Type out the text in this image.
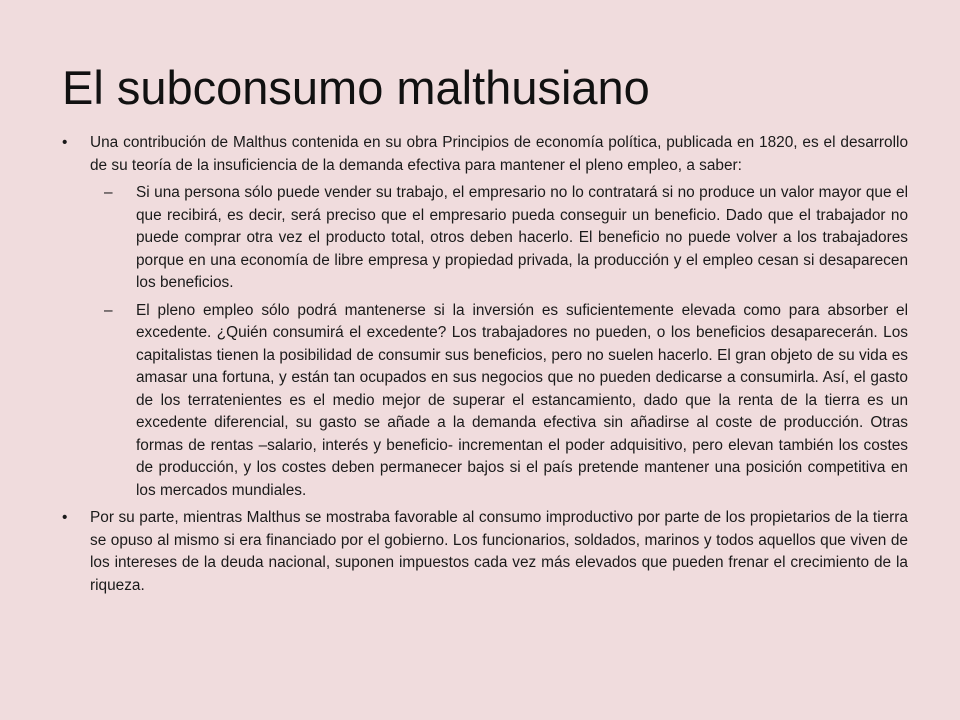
El subconsumo malthusiano
•	Una contribución de Malthus contenida en su obra Principios de economía política, publicada en 1820, es el desarrollo de su teoría de la insuficiencia de la demanda efectiva para mantener el pleno empleo, a saber:
–	Si una persona sólo puede vender su trabajo, el empresario no lo contratará si no produce un valor mayor que el que recibirá, es decir, será preciso que el empresario pueda conseguir un beneficio. Dado que el trabajador no puede comprar otra vez el producto total, otros deben hacerlo. El beneficio no puede volver a los trabajadores porque en una economía de libre empresa y propiedad privada, la producción y el empleo cesan si desaparecen los beneficios.
–	El pleno empleo sólo podrá mantenerse si la inversión es suficientemente elevada como para absorber el excedente. ¿Quién consumirá el excedente? Los trabajadores no pueden, o los beneficios desaparecerán. Los capitalistas tienen la posibilidad de consumir sus beneficios, pero no suelen hacerlo. El gran objeto de su vida es amasar una fortuna, y están tan ocupados en sus negocios que no pueden dedicarse a consumirla. Así, el gasto de los terratenientes es el medio mejor de superar el estancamiento, dado que la renta de la tierra es un excedente diferencial, su gasto se añade a la demanda efectiva sin añadirse al coste de producción. Otras formas de rentas –salario, interés y beneficio- incrementan el poder adquisitivo, pero elevan también los costes de producción, y los costes deben permanecer bajos si el país pretende mantener una posición competitiva en los mercados mundiales.
•	Por su parte, mientras Malthus se mostraba favorable al consumo improductivo por parte de los propietarios de la tierra se opuso al mismo si era financiado por el gobierno. Los funcionarios, soldados, marinos y todos aquellos que viven de los intereses de la deuda nacional, suponen impuestos cada vez más elevados que pueden frenar el crecimiento de la riqueza.
